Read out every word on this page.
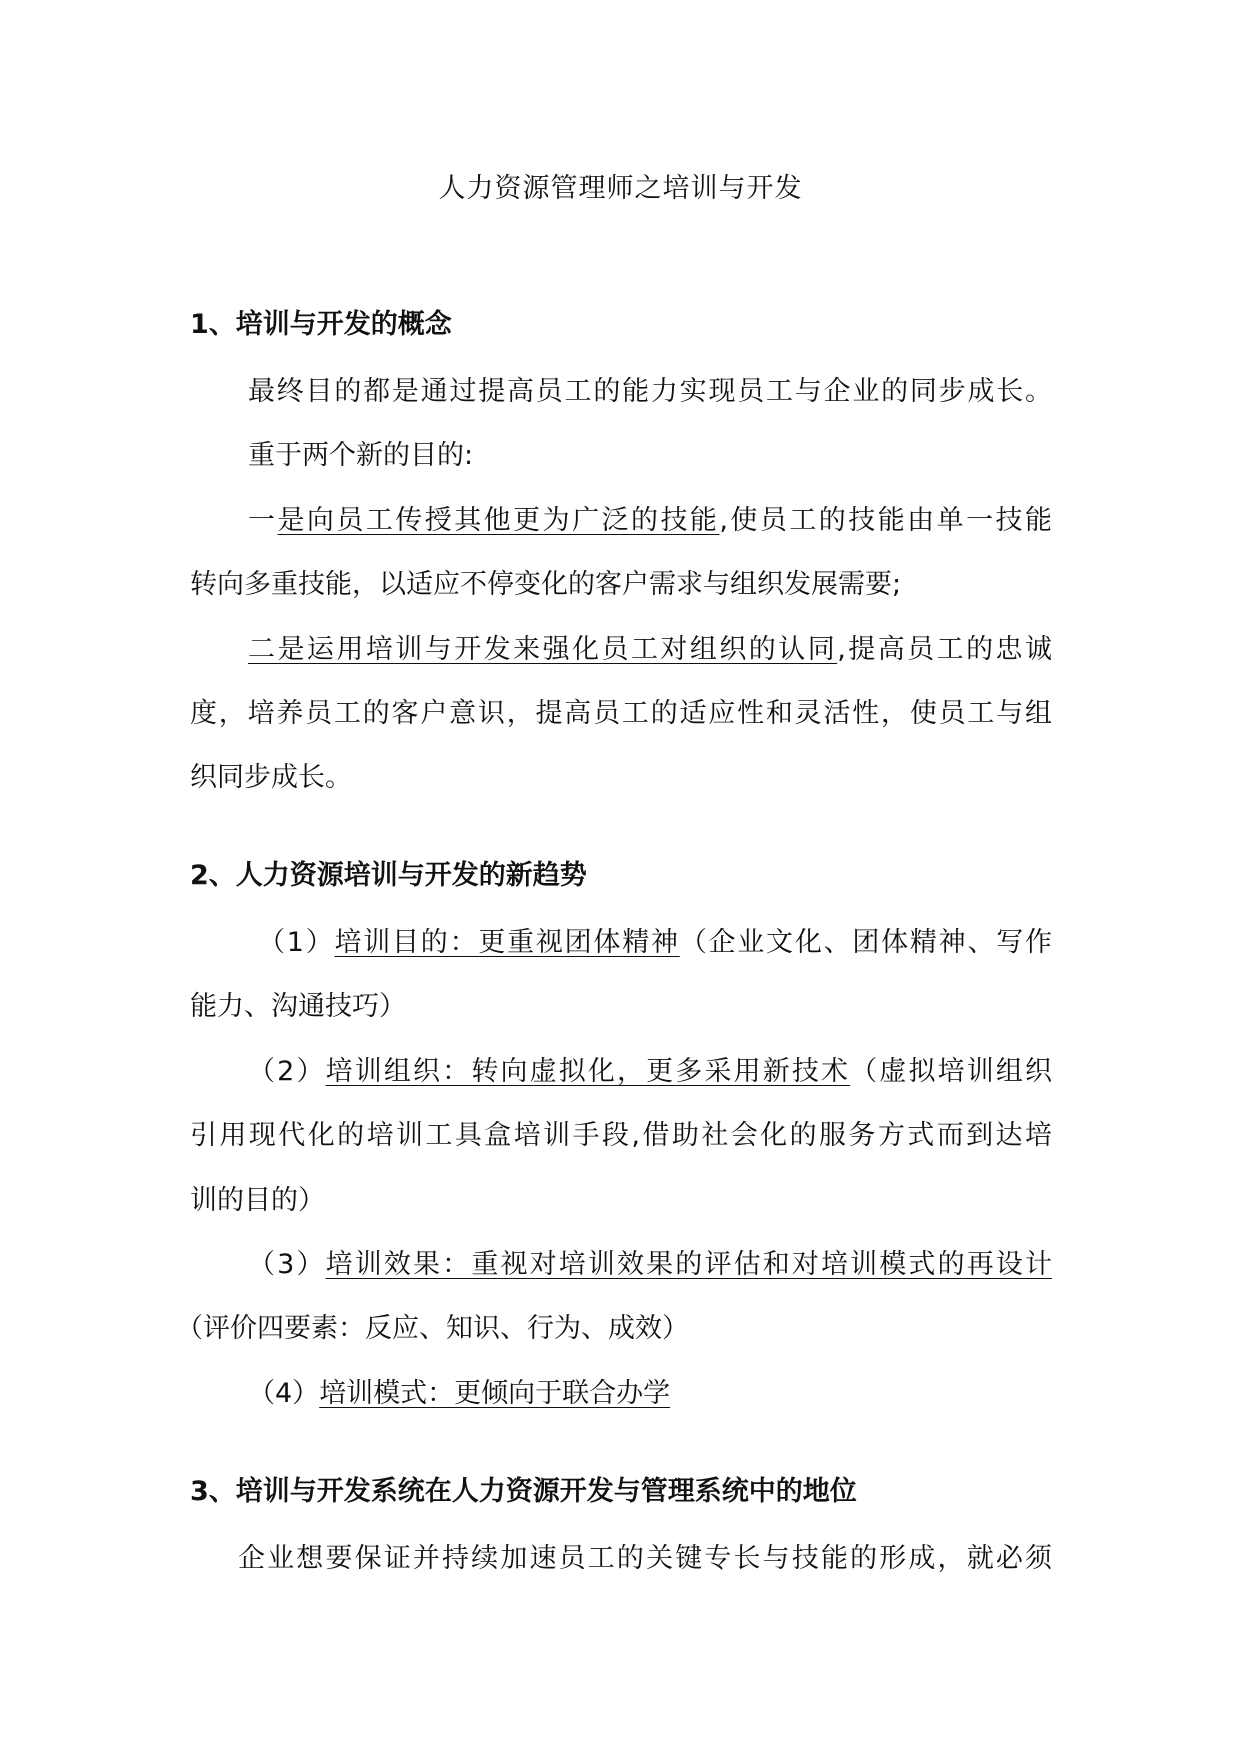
人力资源管理师之培训与开发
1、培训与开发的概念
最终目的都是通过提高员工的能力实现员工与企业的同步成长。
重于两个新的目的:
一是向员工传授其他更为广泛的技能,使员工的技能由单一技能
转向多重技能，以适应不停变化的客户需求与组织发展需要;
二是运用培训与开发来强化员工对组织的认同,提高员工的忠诚
度，培养员工的客户意识，提高员工的适应性和灵活性，使员工与组
织同步成长。
2、人力资源培训与开发的新趋势
（1）培训目的：更重视团体精神（企业文化、团体精神、写作
能力、沟通技巧）
（2）培训组织：转向虚拟化，更多采用新技术（虚拟培训组织
引用现代化的培训工具盒培训手段,借助社会化的服务方式而到达培
训的目的）
（3）培训效果：重视对培训效果的评估和对培训模式的再设计
（评价四要素：反应、知识、行为、成效）
（4）培训模式：更倾向于联合办学
3、培训与开发系统在人力资源开发与管理系统中的地位
企业想要保证并持续加速员工的关键专长与技能的形成，就必须
